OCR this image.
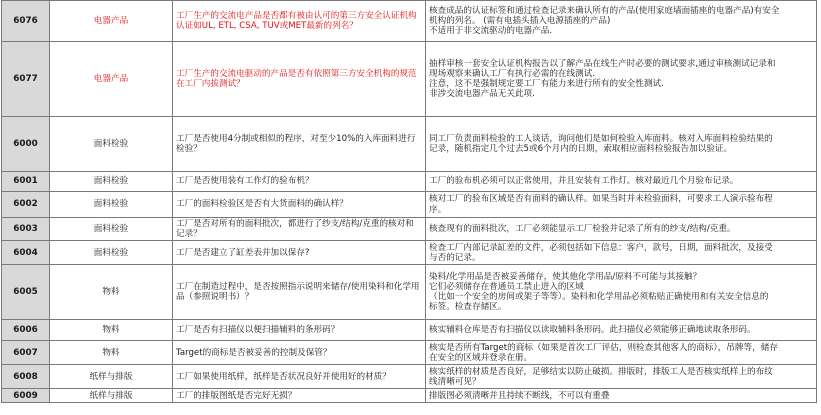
6076	电器产品	工厂生产的交流电产品是否都有被由认可的第三方安全认证机构认证如UL, ETL, CSA, TUV或MET最新的列名？	核查成品的认证标签和通过检查记录来确认所有的产品(使用家庭墙面插座的电器产品)有安全
机构的列名。 (需有电插头插入电源插座的产品)
不适用于非交流驱动的电器产品.

6077	电器产品	工厂生产的交流电驱动的产品是否有依照第三方安全机构的规范在工厂内拔测试？	抽样审核一套安全认证机构报告以了解产品在线生产时必要的测试要求,通过审核测试记录和
现场观察来确认工厂有执行必需的在线测试.
注意，这不是强制规定要工厂有能力来进行所有的安全性测试.
非涉交流电器产品无关此项.

6000	面料检验	工厂是否使用4分制或相似的程序，对至少10%的入库面料进行检验？	同工厂负责面料检验的工人谈话，询问他们是如何检验入库面料。核对入库面料检验结果的
记录，随机指定几个过去5或6个月内的日期，索取相应面料检验报告加以验证。

6001	面料检验	工厂是否使用装有工作灯的验布机？	工厂的验布机必须可以正常使用，并且安装有工作灯。核对最近几个月验布记录。

6002	面料检验	工厂的面料检验区是否有大货面料的确认样？	核对工厂的验布区域是否有面料的确认样。如果当时并未检验面料，可要求工人演示验布程
序。

6003	面料检验	工厂是否对所有的面料批次，都进行了纱支/结构/克重的核对和记录？	核查现有的面料批次，工厂必须能显示工厂检验并记录了所有的纱支/结构/克重。

6004	面料检验	工厂是否建立了缸差表并加以保存?	检查工厂内部记录缸差的文件，必须包括如下信息：客户，款号，日期，面料批次，及接受
与否的记录。

6005	物料	工厂在制造过程中，是否按照指示说明来储存/使用染料和化学用品（参照说明书）？	染料/化学用品是否被妥善储存，使其他化学用品/原料不可能与其接触？
它们必须储存在普通员工禁止进入的区域
（比如一个安全的房间或架子等等）。染料和化学用品必须粘贴正确使用和有关安全信息的
标签。检查存储区。

6006	物料	工厂是否有扫描仪以便扫描辅料的条形码？	核实辅料仓库是否有扫描仪以读取辅料条形码。此扫描仪必须能够正确地读取条形码。

6007	物料	Target的商标是否被妥善的控制及保管？	核实是否所有Target的商标（如果是首次工厂评估，则检查其他客人的商标），吊牌等，储存
在安全的区域并登录在册。

6008	纸样与排版	工厂如果使用纸样，纸样是否状况良好并使用好的材质？	核实纸样的材质是否良好，足够结实以防止破损。排版时，排版工人是否核实纸样上的布纹
线清晰可见？

6009	纸样与排版	工厂的排版图纸是否完好无损？	排版图必须清晰并且持续不断线，不可以有重叠
